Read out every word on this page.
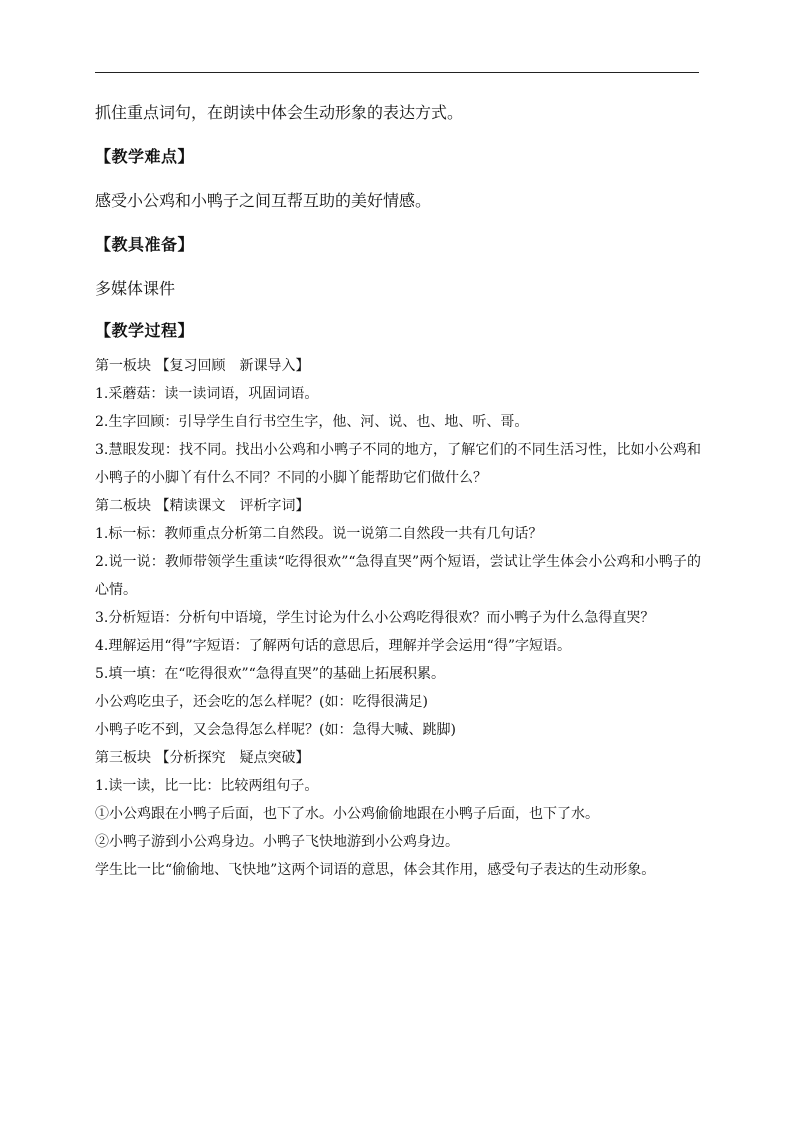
抓住重点词句，在朗读中体会生动形象的表达方式。

【教学难点】

感受小公鸡和小鸭子之间互帮互助的美好情感。

【教具准备】

多媒体课件

【教学过程】

第一板块 【复习回顾　新课导入】

1.采蘑菇：读一读词语，巩固词语。

2.生字回顾：引导学生自行书空生字，他、河、说、也、地、听、哥。

3.慧眼发现：找不同。找出小公鸡和小鸭子不同的地方，了解它们的不同生活习性，比如小公鸡和小鸭子的小脚丫有什么不同？不同的小脚丫能帮助它们做什么？

第二板块 【精读课文　评析字词】

1.标一标：教师重点分析第二自然段。说一说第二自然段一共有几句话？

2.说一说：教师带领学生重读“吃得很欢”“急得直哭”两个短语，尝试让学生体会小公鸡和小鸭子的心情。

3.分析短语：分析句中语境，学生讨论为什么小公鸡吃得很欢？而小鸭子为什么急得直哭？

4.理解运用“得”字短语：了解两句话的意思后，理解并学会运用“得”字短语。

5.填一填：在“吃得很欢”“急得直哭”的基础上拓展积累。

小公鸡吃虫子，还会吃的怎么样呢？(如：吃得很满足)

小鸭子吃不到，又会急得怎么样呢？(如：急得大喊、跳脚)

第三板块 【分析探究　疑点突破】

1.读一读，比一比：比较两组句子。

①小公鸡跟在小鸭子后面，也下了水。小公鸡偷偷地跟在小鸭子后面，也下了水。

②小鸭子游到小公鸡身边。小鸭子飞快地游到小公鸡身边。

学生比一比“偷偷地、飞快地”这两个词语的意思，体会其作用，感受句子表达的生动形象。
